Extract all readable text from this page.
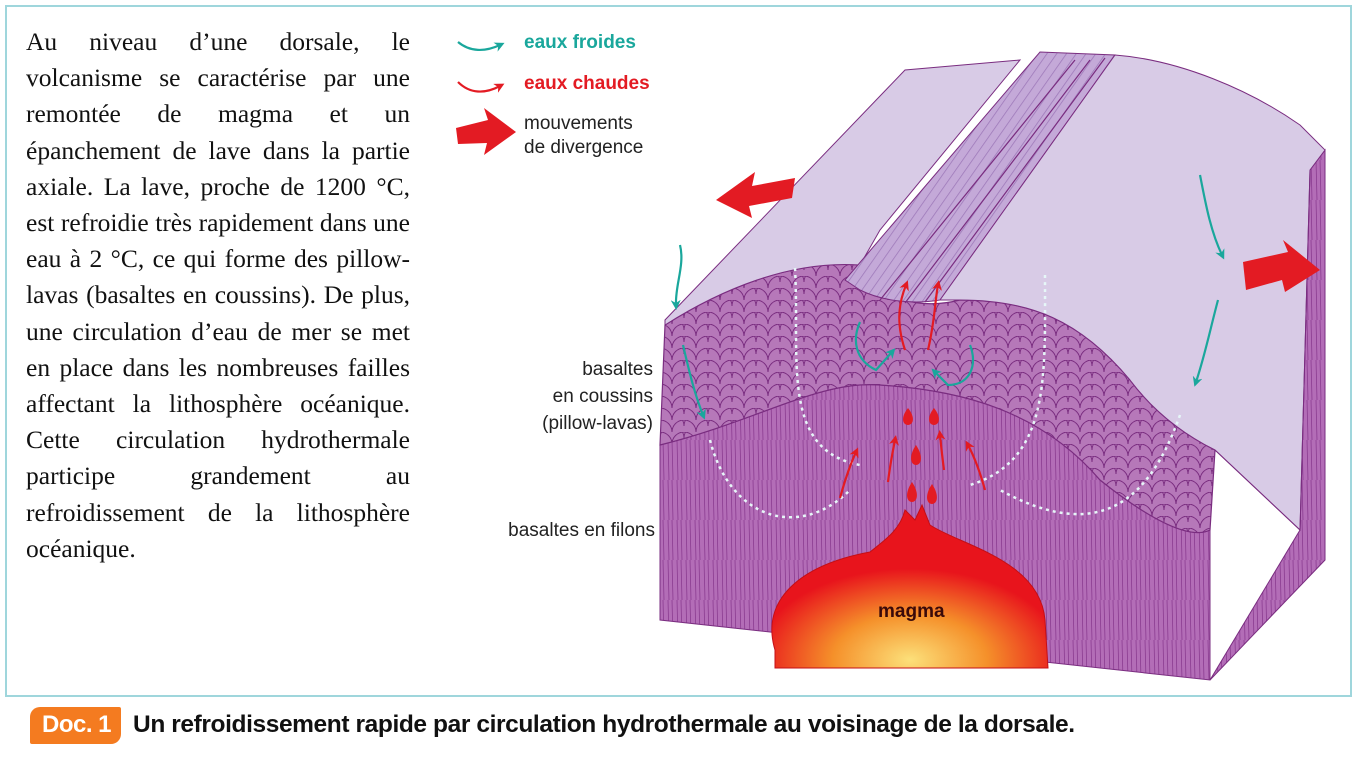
Au niveau d’une dorsale, le volcanisme se caractérise par une remontée de magma et un épanchement de lave dans la partie axiale. La lave, proche de 1200 °C, est refroidie très rapidement dans une eau à 2 °C, ce qui forme des pillow-lavas (basaltes en coussins). De plus, une circulation d’eau de mer se met en place dans les nombreuses failles affectant la lithosphère océanique. Cette circulation hydrothermale participe grandement au refroidissement de la lithosphère océanique.
eaux froides
eaux chaudes
mouvements
de divergence
basaltes
en coussins
(pillow-lavas)
basaltes en filons
magma
Doc. 1 Un refroidissement rapide par circulation hydrothermale au voisinage de la dorsale.
